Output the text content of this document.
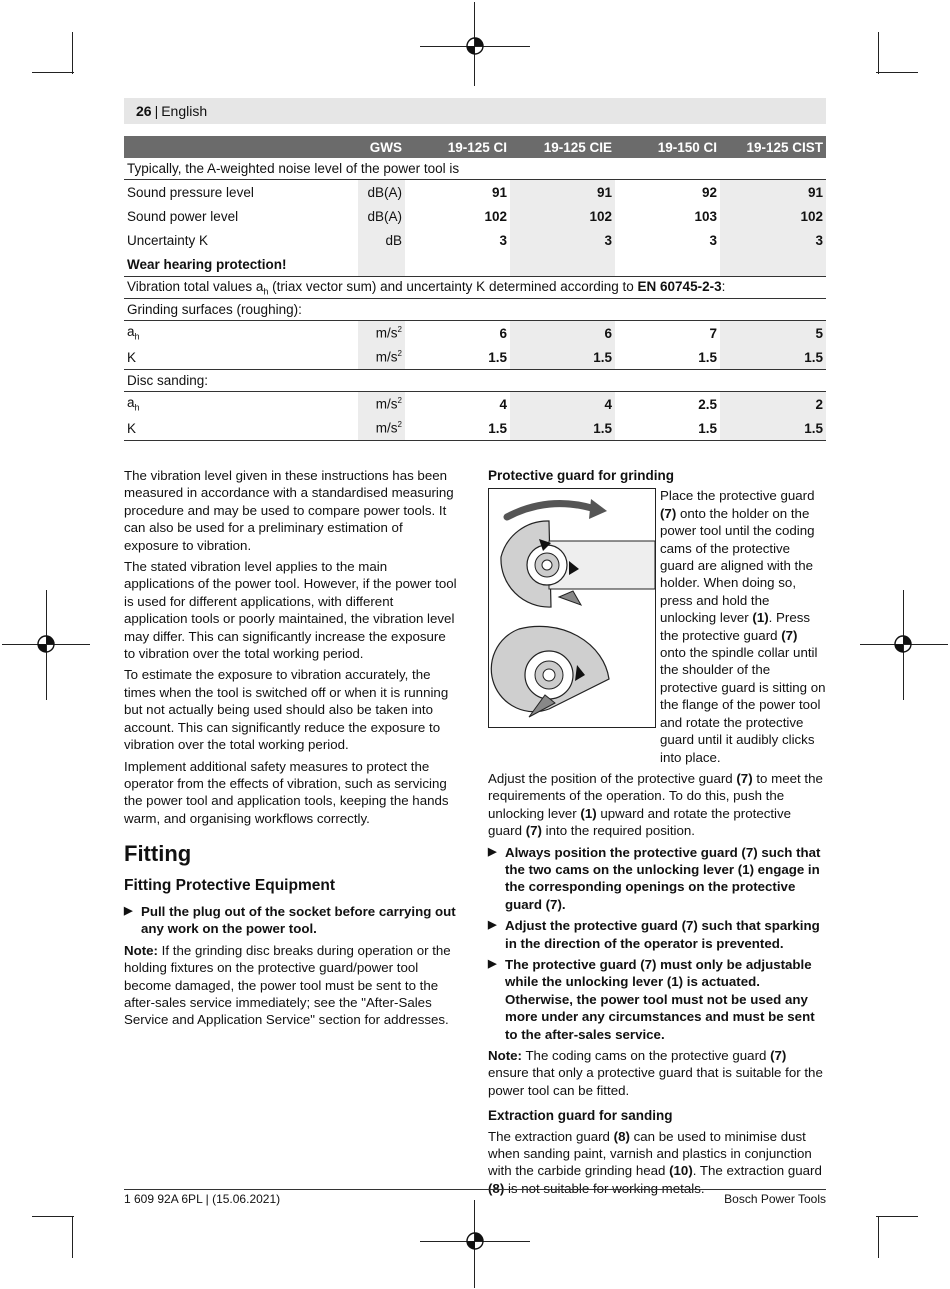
26 | English
	GWS	19-125 CI	19-125 CIE	19-150 CI	19-125 CIST
Typically, the A-weighted noise level of the power tool is					
Sound pressure level	dB(A)	91	91	92	91
Sound power level	dB(A)	102	102	103	102
Uncertainty K	dB	3	3	3	3
Wear hearing protection!					
Vibration total values $a_h$ (triax vector sum) and uncertainty K determined according to EN 60745-2-3:					
Grinding surfaces (roughing):					
$a_h$	$m/s^2$	6	6	7	5
K	$m/s^2$	1.5	1.5	1.5	1.5
Disc sanding:					
$a_h$	$m/s^2$	4	4	2.5	2
K	$m/s^2$	1.5	1.5	1.5	1.5

The vibration level given in these instructions has been measured in accordance with a standardised measuring procedure and may be used to compare power tools. It can also be used for a preliminary estimation of exposure to vibration.

The stated vibration level applies to the main applications of the power tool. However, if the power tool is used for different applications, with different application tools or poorly maintained, the vibration level may differ. This can significantly increase the exposure to vibration over the total working period.

To estimate the exposure to vibration accurately, the times when the tool is switched off or when it is running but not actually being used should also be taken into account. This can significantly reduce the exposure to vibration over the total working period.

Implement additional safety measures to protect the operator from the effects of vibration, such as servicing the power tool and application tools, keeping the hands warm, and organising workflows correctly.

Fitting
Fitting Protective Equipment
▶ Pull the plug out of the socket before carrying out any work on the power tool.

Note: If the grinding disc breaks during operation or the holding fixtures on the protective guard/power tool become damaged, the power tool must be sent to the after-sales service immediately; see the "After-Sales Service and Application Service" section for addresses.

Protective guard for grinding

Place the protective guard (7) onto the holder on the power tool until the coding cams of the protective guard are aligned with the holder. When doing so, press and hold the unlocking lever (1). Press the protective guard (7) onto the spindle collar until the shoulder of the protective guard is sitting on the flange of the power tool and rotate the protective guard until it audibly clicks into place.

Adjust the position of the protective guard (7) to meet the requirements of the operation. To do this, push the unlocking lever (1) upward and rotate the protective guard (7) into the required position.

▶ Always position the protective guard (7) such that the two cams on the unlocking lever (1) engage in the corresponding openings on the protective guard (7).
▶ Adjust the protective guard (7) such that sparking in the direction of the operator is prevented.
▶ The protective guard (7) must only be adjustable while the unlocking lever (1) is actuated. Otherwise, the power tool must not be used any more under any circumstances and must be sent to the after-sales service.

Note: The coding cams on the protective guard (7) ensure that only a protective guard that is suitable for the power tool can be fitted.

Extraction guard for sanding

The extraction guard (8) can be used to minimise dust when sanding paint, varnish and plastics in conjunction with the carbide grinding head (10). The extraction guard (8) is not suitable for working metals.

1 609 92A 6PL | (15.06.2021)	Bosch Power Tools
